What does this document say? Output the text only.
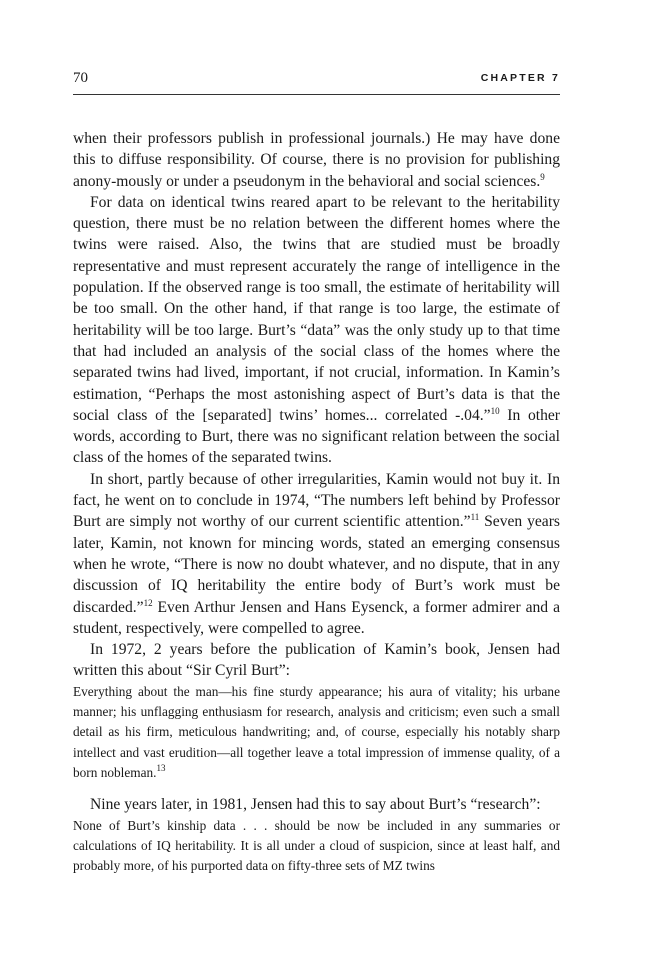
70	CHAPTER 7

when their professors publish in professional journals.) He may have done this to diffuse responsibility. Of course, there is no provision for publishing anony-mously or under a pseudonym in the behavioral and social sciences.$^9$

For data on identical twins reared apart to be relevant to the heritability question, there must be no relation between the different homes where the twins were raised. Also, the twins that are studied must be broadly representative and must represent accurately the range of intelligence in the population. If the observed range is too small, the estimate of heritability will be too small. On the other hand, if that range is too large, the estimate of heritability will be too large. Burt’s “data” was the only study up to that time that had included an analysis of the social class of the homes where the separated twins had lived, important, if not crucial, information. In Kamin’s estimation, “Perhaps the most astonishing aspect of Burt’s data is that the social class of the [separated] twins’ homes... correlated -.04.”$^{10}$ In other words, according to Burt, there was no significant relation between the social class of the homes of the separated twins.

In short, partly because of other irregularities, Kamin would not buy it. In fact, he went on to conclude in 1974, “The numbers left behind by Professor Burt are simply not worthy of our current scientific attention.”$^{11}$ Seven years later, Kamin, not known for mincing words, stated an emerging consensus when he wrote, “There is now no doubt whatever, and no dispute, that in any discussion of IQ heritability the entire body of Burt’s work must be discarded.”$^{12}$ Even Arthur Jensen and Hans Eysenck, a former admirer and a student, respectively, were compelled to agree.

In 1972, 2 years before the publication of Kamin’s book, Jensen had written this about “Sir Cyril Burt”:

Everything about the man—his fine sturdy appearance; his aura of vitality; his urbane manner; his unflagging enthusiasm for research, analysis and criticism; even such a small detail as his firm, meticulous handwriting; and, of course, especially his notably sharp intellect and vast erudition—all together leave a total impression of immense quality, of a born nobleman.$^{13}$

Nine years later, in 1981, Jensen had this to say about Burt’s “research”:

None of Burt’s kinship data . . . should be now be included in any summaries or calculations of IQ heritability. It is all under a cloud of suspicion, since at least half, and probably more, of his purported data on fifty-three sets of MZ twins
